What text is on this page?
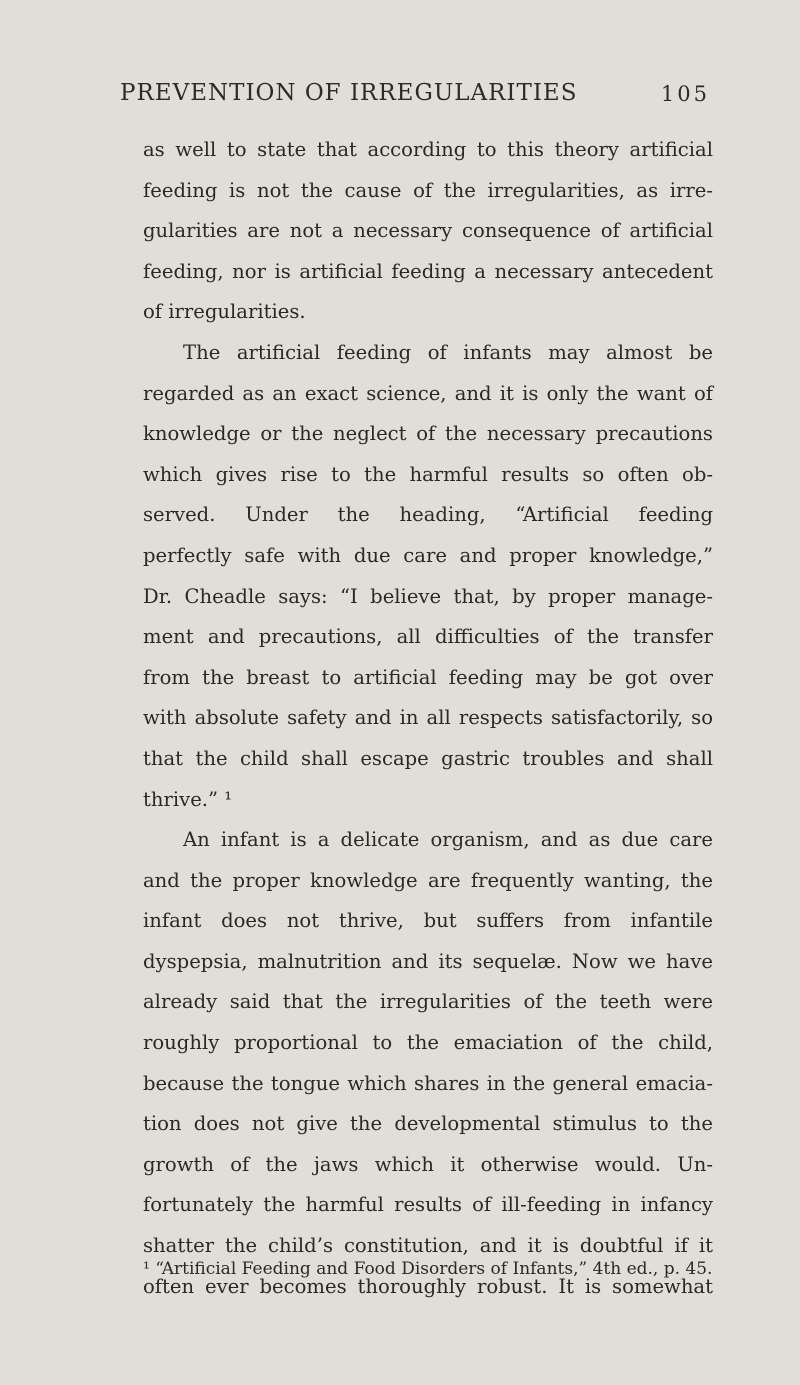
PREVENTION OF IRREGULARITIES	105
as well to state that according to this theory artificial
feeding is not the cause of the irregularities, as irre-
gularities are not a necessary consequence of artificial
feeding, nor is artificial feeding a necessary antecedent
of irregularities.
The artificial feeding of infants may almost be
regarded as an exact science, and it is only the want of
knowledge or the neglect of the necessary precautions
which gives rise to the harmful results so often ob-
served. Under the heading, “Artificial feeding
perfectly safe with due care and proper knowledge,”
Dr. Cheadle says: “I believe that, by proper manage-
ment and precautions, all difficulties of the transfer
from the breast to artificial feeding may be got over
with absolute safety and in all respects satisfactorily, so
that the child shall escape gastric troubles and shall
thrive.” ¹
An infant is a delicate organism, and as due care
and the proper knowledge are frequently wanting, the
infant does not thrive, but suffers from infantile
dyspepsia, malnutrition and its sequelæ. Now we have
already said that the irregularities of the teeth were
roughly proportional to the emaciation of the child,
because the tongue which shares in the general emacia-
tion does not give the developmental stimulus to the
growth of the jaws which it otherwise would. Un-
fortunately the harmful results of ill-feeding in infancy
shatter the child’s constitution, and it is doubtful if it
often ever becomes thoroughly robust. It is somewhat
¹ “Artificial Feeding and Food Disorders of Infants,” 4th ed., p. 45.
